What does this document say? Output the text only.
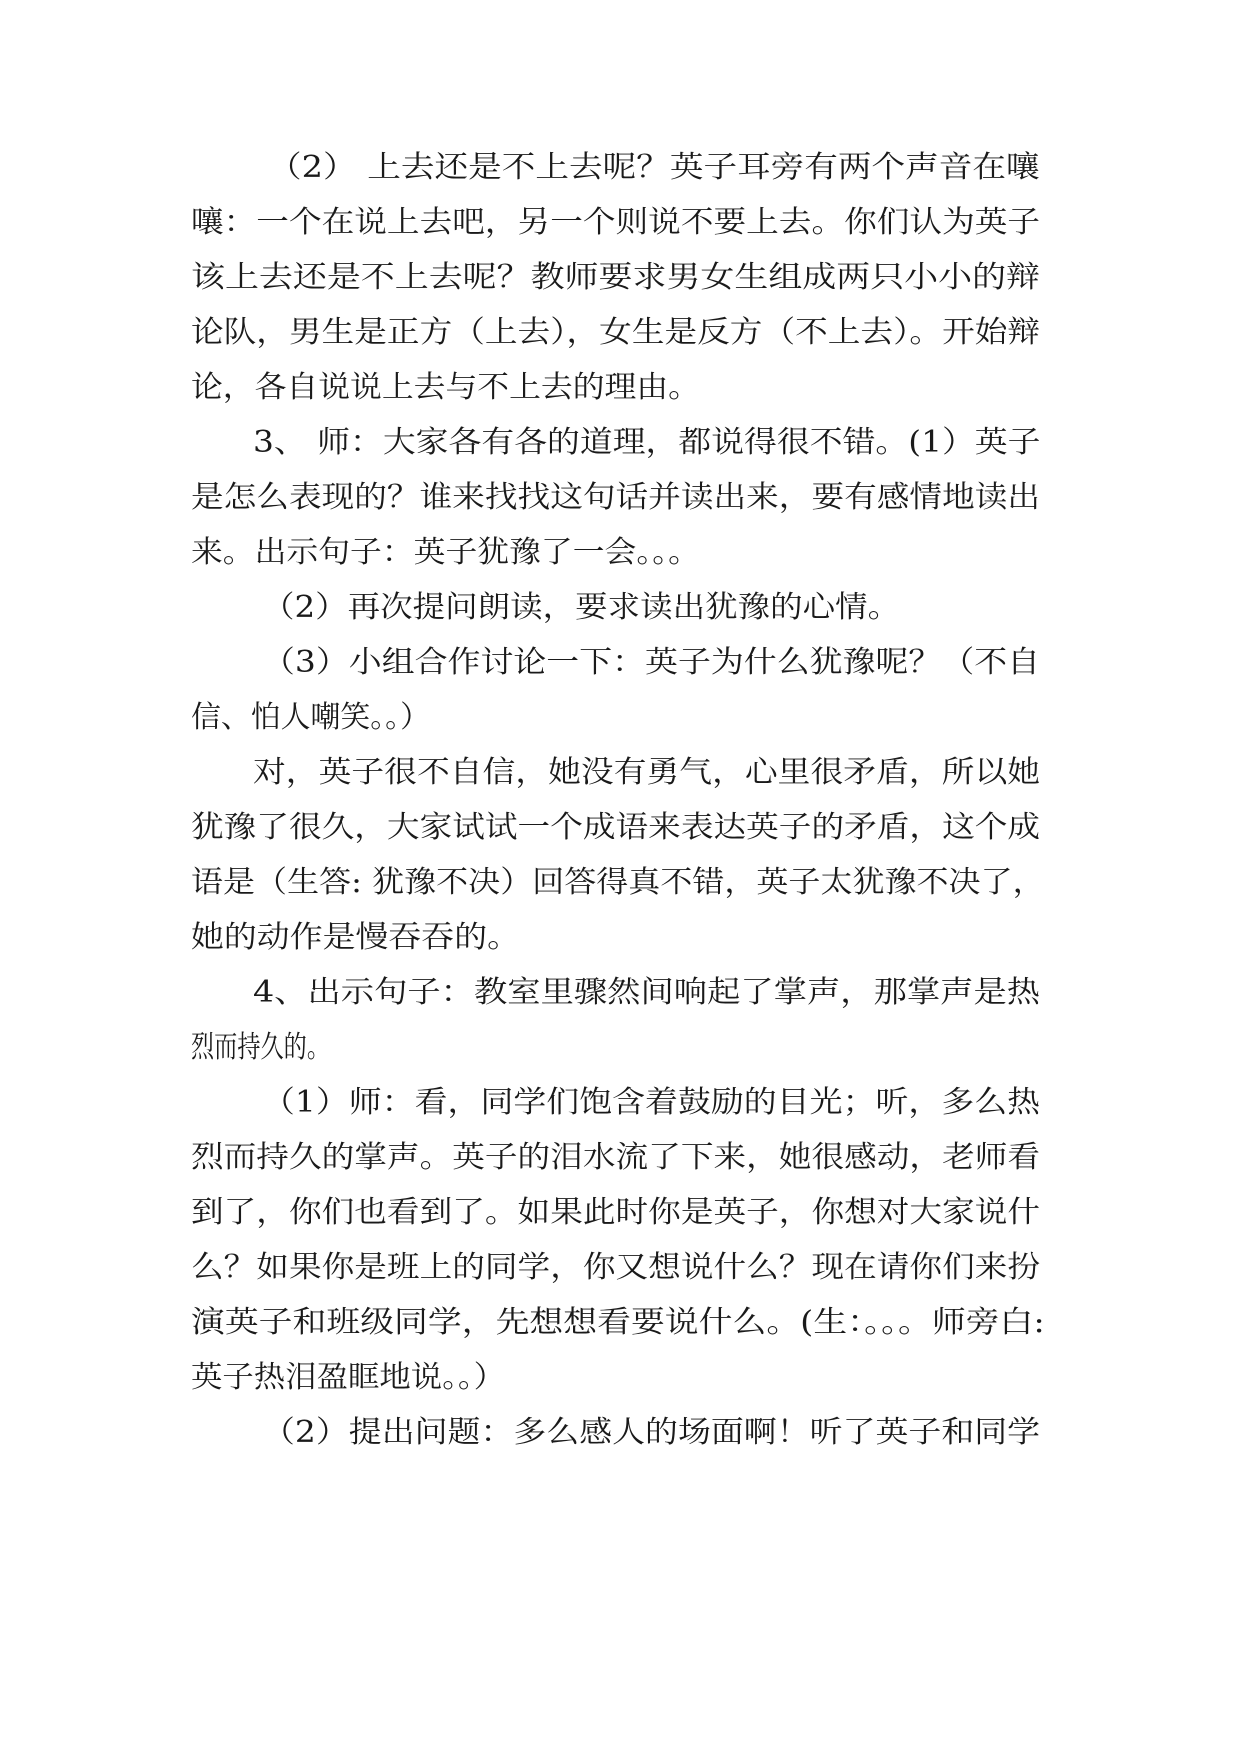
（2） 上去还是不上去呢？英子耳旁有两个声音在嚷
嚷：一个在说上去吧，另一个则说不要上去。你们认为英子
该上去还是不上去呢？教师要求男女生组成两只小小的辩
论队，男生是正方（上去），女生是反方（不上去）。开始辩
论，各自说说上去与不上去的理由。
3、 师：大家各有各的道理，都说得很不错。(1）英子
是怎么表现的？谁来找找这句话并读出来，要有感情地读出
来。出示句子：英子犹豫了一会。。。
（2）再次提问朗读，要求读出犹豫的心情。
（3）小组合作讨论一下：英子为什么犹豫呢？（不自
信、怕人嘲笑。。）
对，英子很不自信，她没有勇气，心里很矛盾，所以她
犹豫了很久，大家试试一个成语来表达英子的矛盾，这个成
语是（生答: 犹豫不决）回答得真不错，英子太犹豫不决了，
她的动作是慢吞吞的。
4、出示句子：教室里骤然间响起了掌声，那掌声是热
烈而持久的。
（1）师：看，同学们饱含着鼓励的目光；听，多么热
烈而持久的掌声。英子的泪水流了下来，她很感动，老师看
到了，你们也看到了。如果此时你是英子，你想对大家说什
么？如果你是班上的同学，你又想说什么？现在请你们来扮
演英子和班级同学，先想想看要说什么。(生：。。。师旁白:
英子热泪盈眶地说。。）
（2）提出问题：多么感人的场面啊！听了英子和同学
